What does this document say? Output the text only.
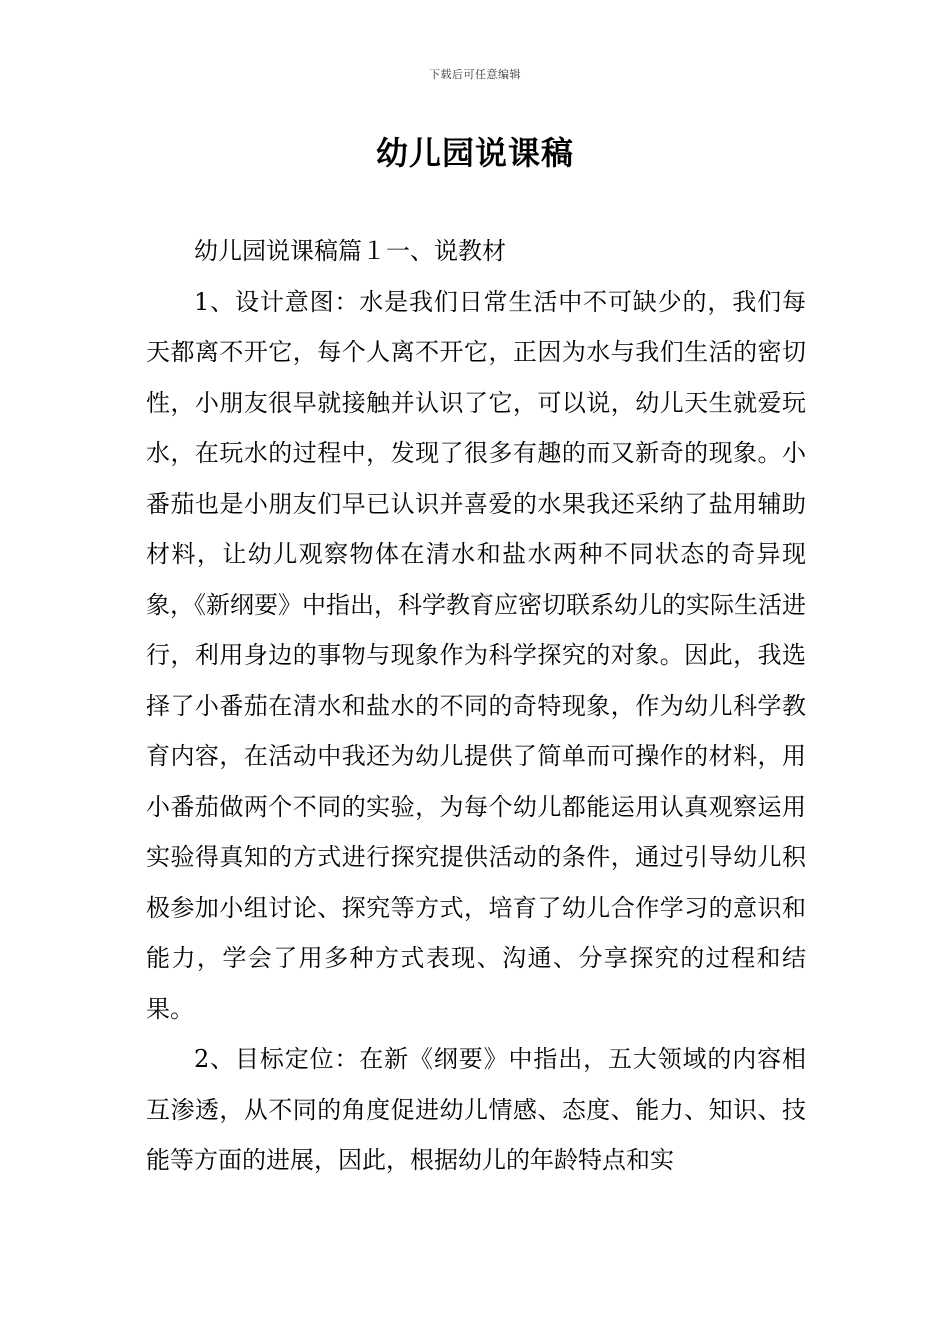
下载后可任意编辑
幼儿园说课稿

幼儿园说课稿篇１一、说教材

1、设计意图：水是我们日常生活中不可缺少的，我们每天都离不开它，每个人离不开它，正因为水与我们生活的密切性，小朋友很早就接触并认识了它，可以说，幼儿天生就爱玩水，在玩水的过程中，发现了很多有趣的而又新奇的现象。小番茄也是小朋友们早已认识并喜爱的水果我还采纳了盐用辅助材料，让幼儿观察物体在清水和盐水两种不同状态的奇异现象，《新纲要》中指出，科学教育应密切联系幼儿的实际生活进行，利用身边的事物与现象作为科学探究的对象。因此，我选择了小番茄在清水和盐水的不同的奇特现象，作为幼儿科学教育内容，在活动中我还为幼儿提供了简单而可操作的材料，用小番茄做两个不同的实验，为每个幼儿都能运用认真观察运用实验得真知的方式进行探究提供活动的条件，通过引导幼儿积极参加小组讨论、探究等方式，培育了幼儿合作学习的意识和能力，学会了用多种方式表现、沟通、分享探究的过程和结果。

2、目标定位：在新《纲要》中指出，五大领域的内容相互渗透，从不同的角度促进幼儿情感、态度、能力、知识、技能等方面的进展，因此，根据幼儿的年龄特点和实
